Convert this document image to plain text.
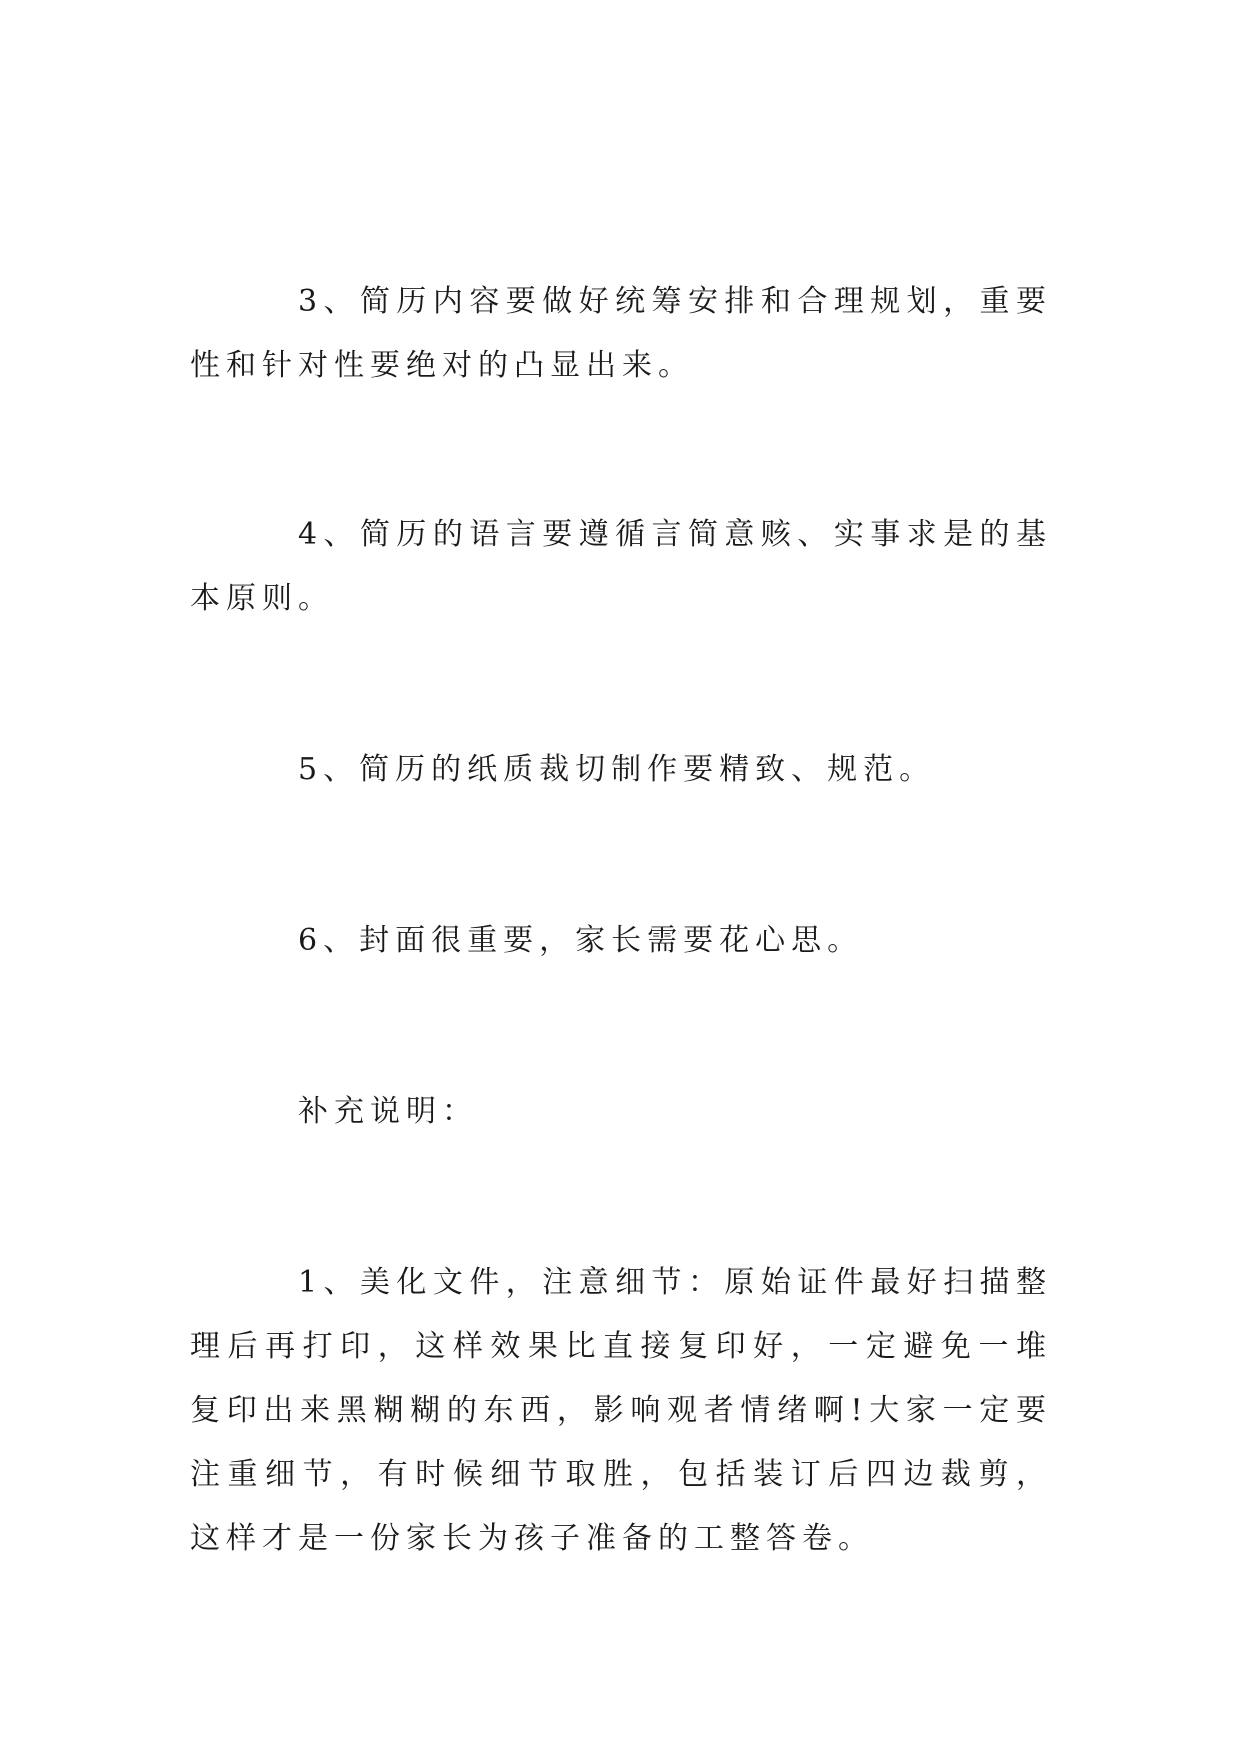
3、简历内容要做好统筹安排和合理规划，重要性和针对性要绝对的凸显出来。

4、简历的语言要遵循言简意赅、实事求是的基本原则。

5、简历的纸质裁切制作要精致、规范。

6、封面很重要，家长需要花心思。

补充说明：

1、美化文件，注意细节：原始证件最好扫描整理后再打印，这样效果比直接复印好，一定避免一堆复印出来黑糊糊的东西，影响观者情绪啊!大家一定要注重细节，有时候细节取胜，包括装订后四边裁剪，这样才是一份家长为孩子准备的工整答卷。
